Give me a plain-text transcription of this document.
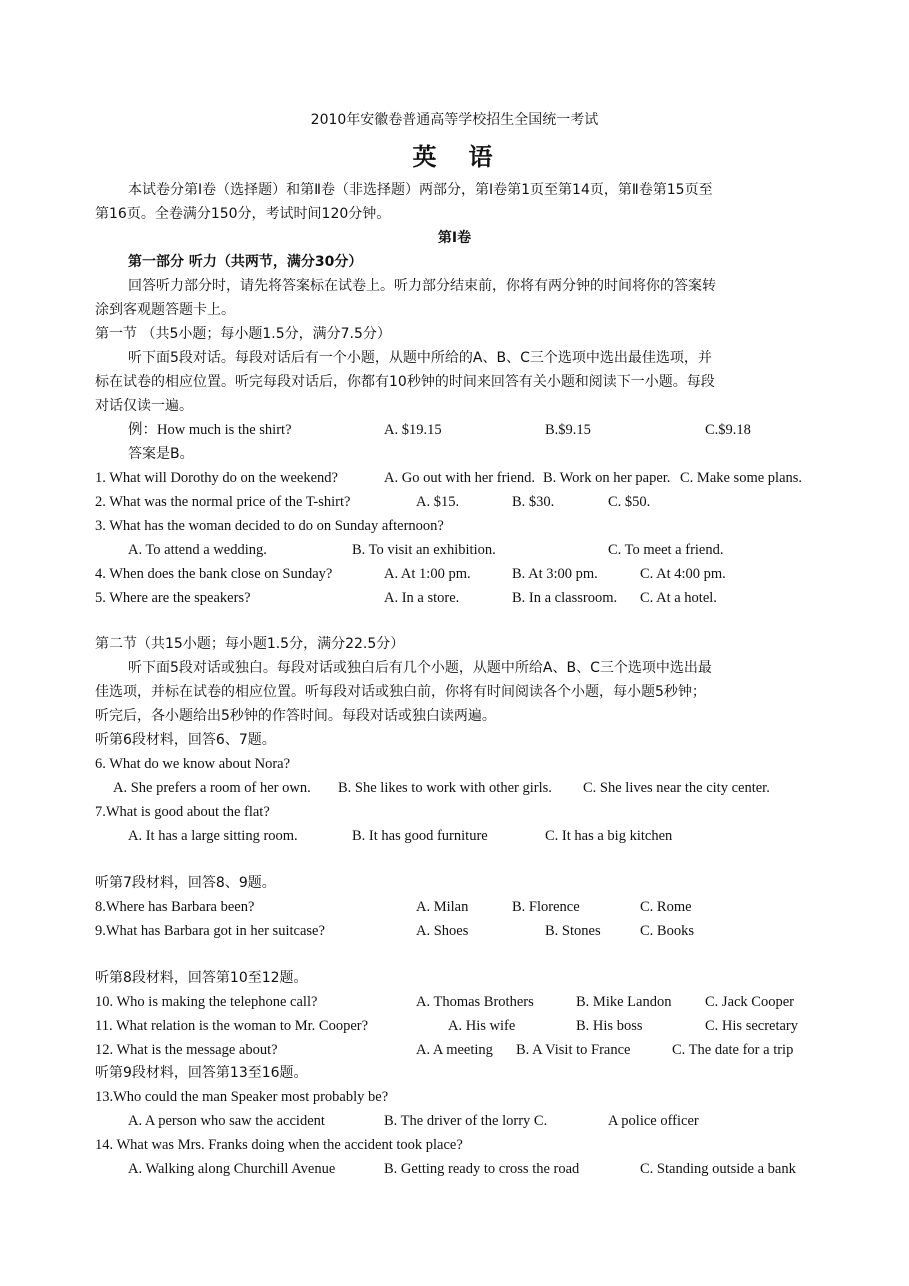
2010年安徽卷普通高等学校招生全国统一考试
英　语
本试卷分第Ⅰ卷（选择题）和第Ⅱ卷（非选择题）两部分，第Ⅰ卷第1页至第14页，第Ⅱ卷第15页至
第16页。全卷满分150分，考试时间120分钟。
第Ⅰ卷
第一部分 听力（共两节，满分30分）
回答听力部分时，请先将答案标在试卷上。听力部分结束前，你将有两分钟的时间将你的答案转
涂到客观题答题卡上。
第一节 （共5小题；每小题1.5分，满分7.5分）
听下面5段对话。每段对话后有一个小题，从题中所给的A、B、C三个选项中选出最佳选项，并
标在试卷的相应位置。听完每段对话后，你都有10秒钟的时间来回答有关小题和阅读下一小题。每段
对话仅读一遍。
例：How much is the shirt?	A. $19.15	B.$9.15	C.$9.18
答案是B。
1. What will Dorothy do on the weekend?	A. Go out with her friend. B. Work on her paper. C. Make some plans.
2. What was the normal price of the T-shirt?	A. $15.	B. $30.	C. $50.
3. What has the woman decided to do on Sunday afternoon?
A. To attend a wedding.	B. To visit an exhibition.	C. To meet a friend.
4. When does the bank close on Sunday?	A. At 1:00 pm.	B. At 3:00 pm.	C. At 4:00 pm.
5. Where are the speakers?	A. In a store.	B. In a classroom. C. At a hotel.
第二节（共15小题；每小题1.5分，满分22.5分）
听下面5段对话或独白。每段对话或独白后有几个小题，从题中所给A、B、C三个选项中选出最
佳选项，并标在试卷的相应位置。听每段对话或独白前，你将有时间阅读各个小题，每小题5秒钟；
听完后，各小题给出5秒钟的作答时间。每段对话或独白读两遍。
听第6段材料，回答6、7题。
6. What do we know about Nora?
A. She prefers a room of her own. B. She likes to work with other girls. C. She lives near the city center.
7.What is good about the flat?
A. It has a large sitting room.	B. It has good furniture	C. It has a big kitchen
听第7段材料，回答8、9题。
8.Where has Barbara been?	A. Milan	B. Florence	C. Rome
9.What has Barbara got in her suitcase?	A. Shoes	B. Stones	C. Books
听第8段材料，回答第10至12题。
10. Who is making the telephone call?	A. Thomas Brothers	B. Mike Landon C. Jack Cooper
11. What relation is the woman to Mr. Cooper?	A. His wife	B. His boss	C. His secretary
12. What is the message about?	A. A meeting B. A Visit to France	C. The date for a trip
听第9段材料，回答第13至16题。
13.Who could the man Speaker most probably be?
A. A person who saw the accident	B. The driver of the lorry C.	A police officer
14. What was Mrs. Franks doing when the accident took place?
A. Walking along Churchill Avenue	B. Getting ready to cross the road	C. Standing outside a bank
